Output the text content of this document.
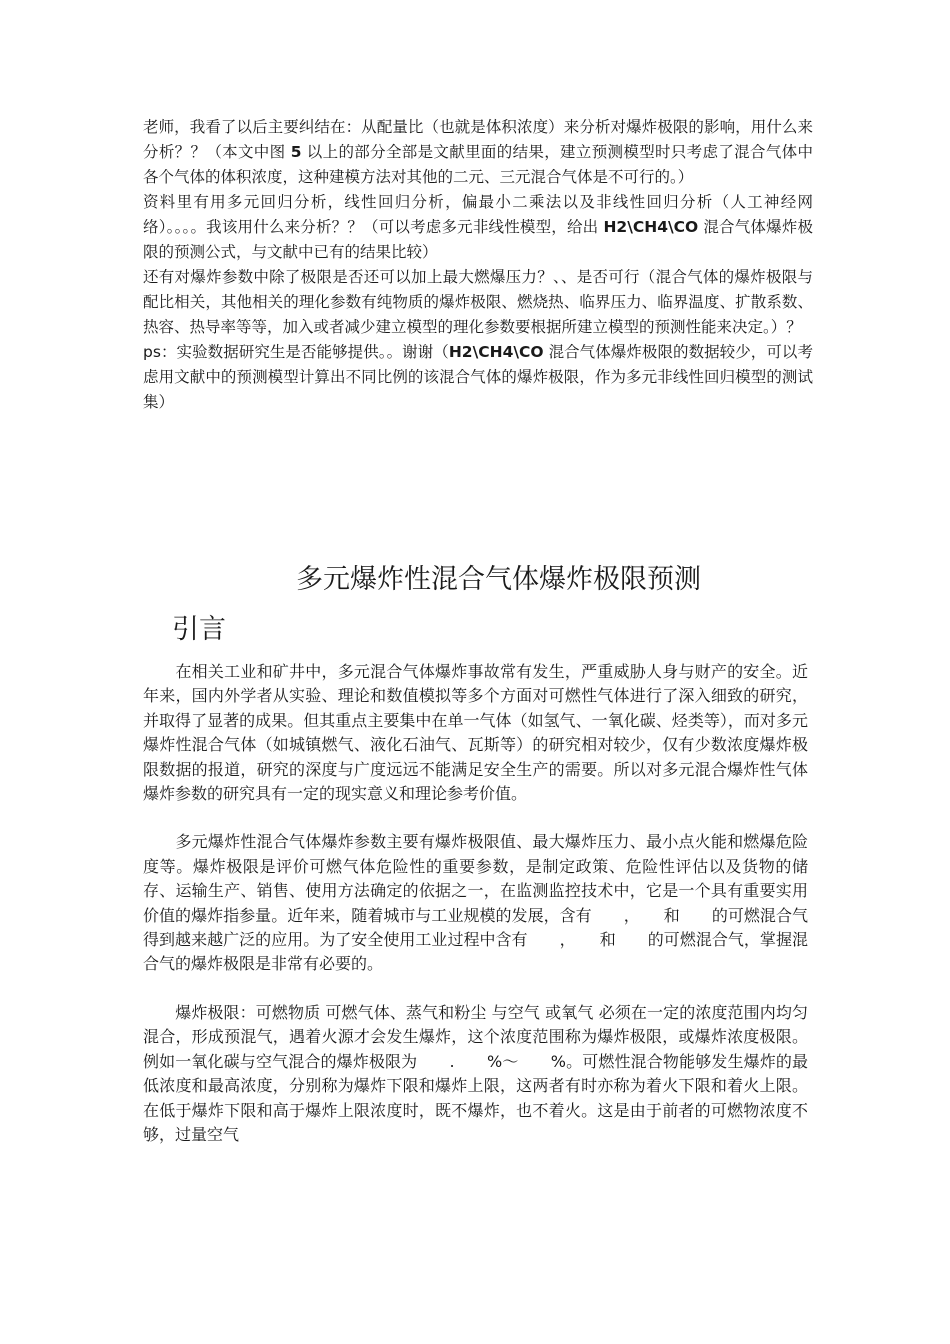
老师，我看了以后主要纠结在：从配量比（也就是体积浓度）来分析对爆炸极限的影响，用什么来分析？？（本文中图 5 以上的部分全部是文献里面的结果，建立预测模型时只考虑了混合气体中各个气体的体积浓度，这种建模方法对其他的二元、三元混合气体是不可行的。）

资料里有用多元回归分析，线性回归分析，偏最小二乘法以及非线性回归分析（人工神经网络）。。。。我该用什么来分析？？（可以考虑多元非线性模型，给出 H2\CH4\CO 混合气体爆炸极限的预测公式，与文献中已有的结果比较）

还有对爆炸参数中除了极限是否还可以加上最大燃爆压力？、、是否可行（混合气体的爆炸极限与配比相关，其他相关的理化参数有纯物质的爆炸极限、燃烧热、临界压力、临界温度、扩散系数、热容、热导率等等，加入或者减少建立模型的理化参数要根据所建立模型的预测性能来决定。）？

ps：实验数据研究生是否能够提供。。谢谢（H2\CH4\CO 混合气体爆炸极限的数据较少，可以考虑用文献中的预测模型计算出不同比例的该混合气体的爆炸极限，作为多元非线性回归模型的测试集）

多元爆炸性混合气体爆炸极限预测
引言

　　在相关工业和矿井中，多元混合气体爆炸事故常有发生，严重威胁人身与财产的安全。近年来，国内外学者从实验、理论和数值模拟等多个方面对可燃性气体进行了深入细致的研究，并取得了显著的成果。但其重点主要集中在单一气体（如氢气、一氧化碳、烃类等），而对多元爆炸性混合气体（如城镇燃气、液化石油气、瓦斯等）的研究相对较少，仅有少数浓度爆炸极限数据的报道，研究的深度与广度远远不能满足安全生产的需要。所以对多元混合爆炸性气体爆炸参数的研究具有一定的现实意义和理论参考价值。

　　多元爆炸性混合气体爆炸参数主要有爆炸极限值、最大爆炸压力、最小点火能和燃爆危险度等。爆炸极限是评价可燃气体危险性的重要参数，是制定政策、危险性评估以及货物的储存、运输生产、销售、使用方法确定的依据之一，在监测监控技术中，它是一个具有重要实用价值的爆炸指参量。近年来，随着城市与工业规模的发展，含有　　，　　和　　的可燃混合气得到越来越广泛的应用。为了安全使用工业过程中含有　　，　　和　　的可燃混合气，掌握混合气的爆炸极限是非常有必要的。

　　爆炸极限：可燃物质 可燃气体、蒸气和粉尘 与空气 或氧气 必须在一定的浓度范围内均匀混合，形成预混气，遇着火源才会发生爆炸，这个浓度范围称为爆炸极限，或爆炸浓度极限。例如一氧化碳与空气混合的爆炸极限为　　.　　%～　　%。可燃性混合物能够发生爆炸的最低浓度和最高浓度，分别称为爆炸下限和爆炸上限，这两者有时亦称为着火下限和着火上限。在低于爆炸下限和高于爆炸上限浓度时，既不爆炸，也不着火。这是由于前者的可燃物浓度不够，过量空气
